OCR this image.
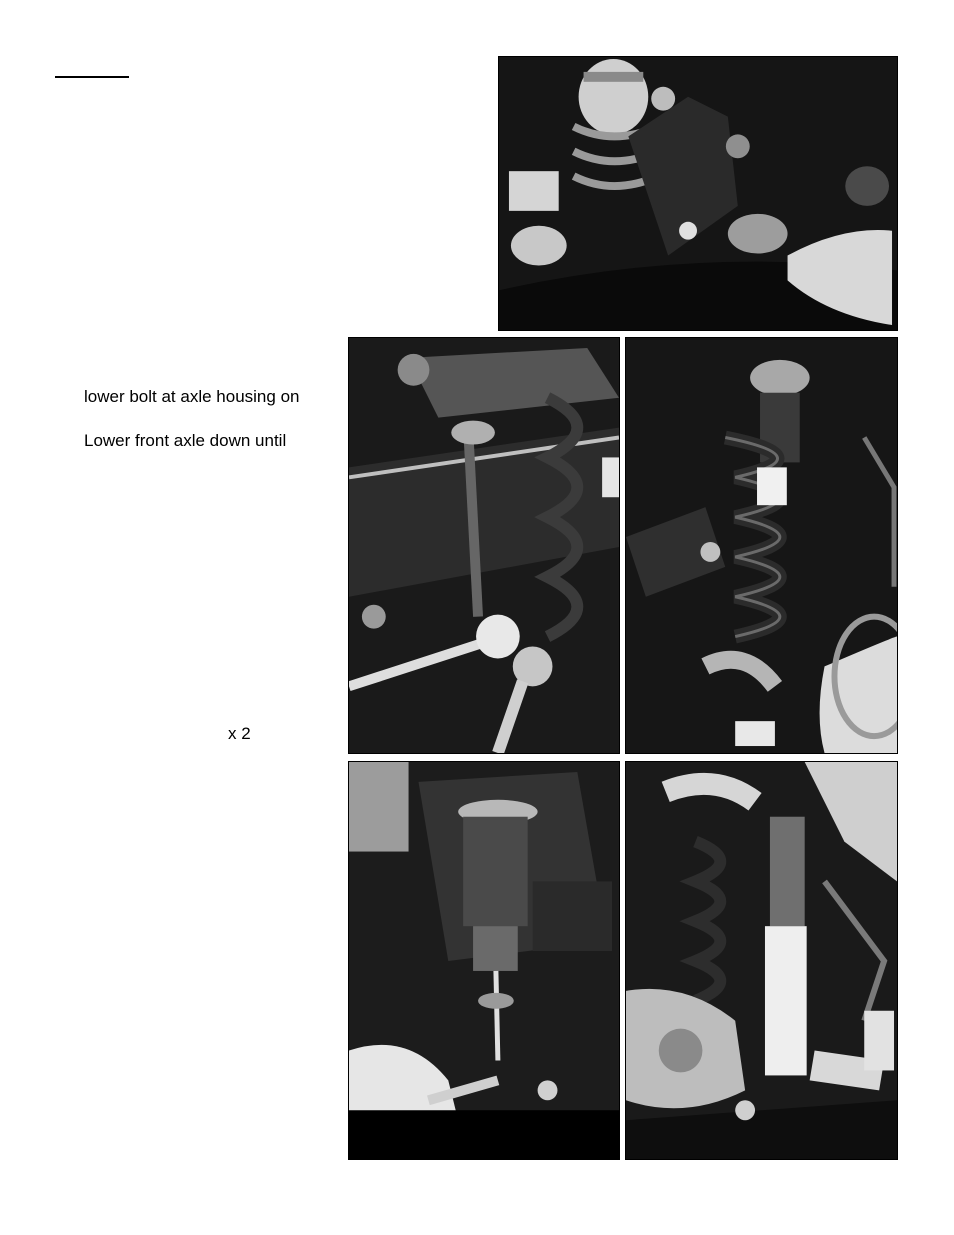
lower bolt at axle housing on
Lower front axle down until
x 2
